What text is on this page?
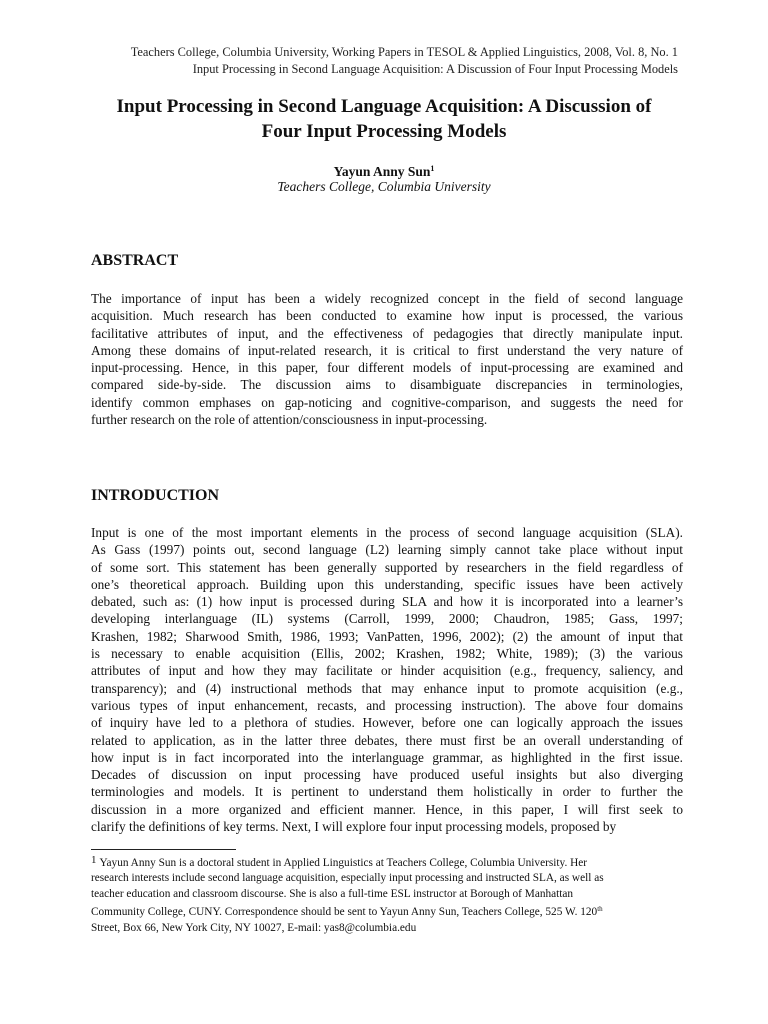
Teachers College, Columbia University, Working Papers in TESOL & Applied Linguistics, 2008, Vol. 8, No. 1
Input Processing in Second Language Acquisition: A Discussion of Four Input Processing Models
Input Processing in Second Language Acquisition: A Discussion of
Four Input Processing Models
Yayun Anny Sun$^1$
Teachers College, Columbia University
ABSTRACT
The importance of input has been a widely recognized concept in the field of second language
acquisition. Much research has been conducted to examine how input is processed, the various
facilitative attributes of input, and the effectiveness of pedagogies that directly manipulate input.
Among these domains of input-related research, it is critical to first understand the very nature of
input-processing. Hence, in this paper, four different models of input-processing are examined and
compared side-by-side. The discussion aims to disambiguate discrepancies in terminologies,
identify common emphases on gap-noticing and cognitive-comparison, and suggests the need for
further research on the role of attention/consciousness in input-processing.
INTRODUCTION
Input is one of the most important elements in the process of second language acquisition (SLA).
As Gass (1997) points out, second language (L2) learning simply cannot take place without input
of some sort. This statement has been generally supported by researchers in the field regardless of
one’s theoretical approach. Building upon this understanding, specific issues have been actively
debated, such as: (1) how input is processed during SLA and how it is incorporated into a learner’s
developing interlanguage (IL) systems (Carroll, 1999, 2000; Chaudron, 1985; Gass, 1997;
Krashen, 1982; Sharwood Smith, 1986, 1993; VanPatten, 1996, 2002); (2) the amount of input that
is necessary to enable acquisition (Ellis, 2002; Krashen, 1982; White, 1989); (3) the various
attributes of input and how they may facilitate or hinder acquisition (e.g., frequency, saliency, and
transparency); and (4) instructional methods that may enhance input to promote acquisition (e.g.,
various types of input enhancement, recasts, and processing instruction). The above four domains
of inquiry have led to a plethora of studies. However, before one can logically approach the issues
related to application, as in the latter three debates, there must first be an overall understanding of
how input is in fact incorporated into the interlanguage grammar, as highlighted in the first issue.
Decades of discussion on input processing have produced useful insights but also diverging
terminologies and models. It is pertinent to understand them holistically in order to further the
discussion in a more organized and efficient manner. Hence, in this paper, I will first seek to
clarify the definitions of key terms. Next, I will explore four input processing models, proposed by
1 Yayun Anny Sun is a doctoral student in Applied Linguistics at Teachers College, Columbia University. Her
research interests include second language acquisition, especially input processing and instructed SLA, as well as
teacher education and classroom discourse. She is also a full-time ESL instructor at Borough of Manhattan
Community College, CUNY. Correspondence should be sent to Yayun Anny Sun, Teachers College, 525 W. 120th
Street, Box 66, New York City, NY 10027, E-mail: yas8@columbia.edu
